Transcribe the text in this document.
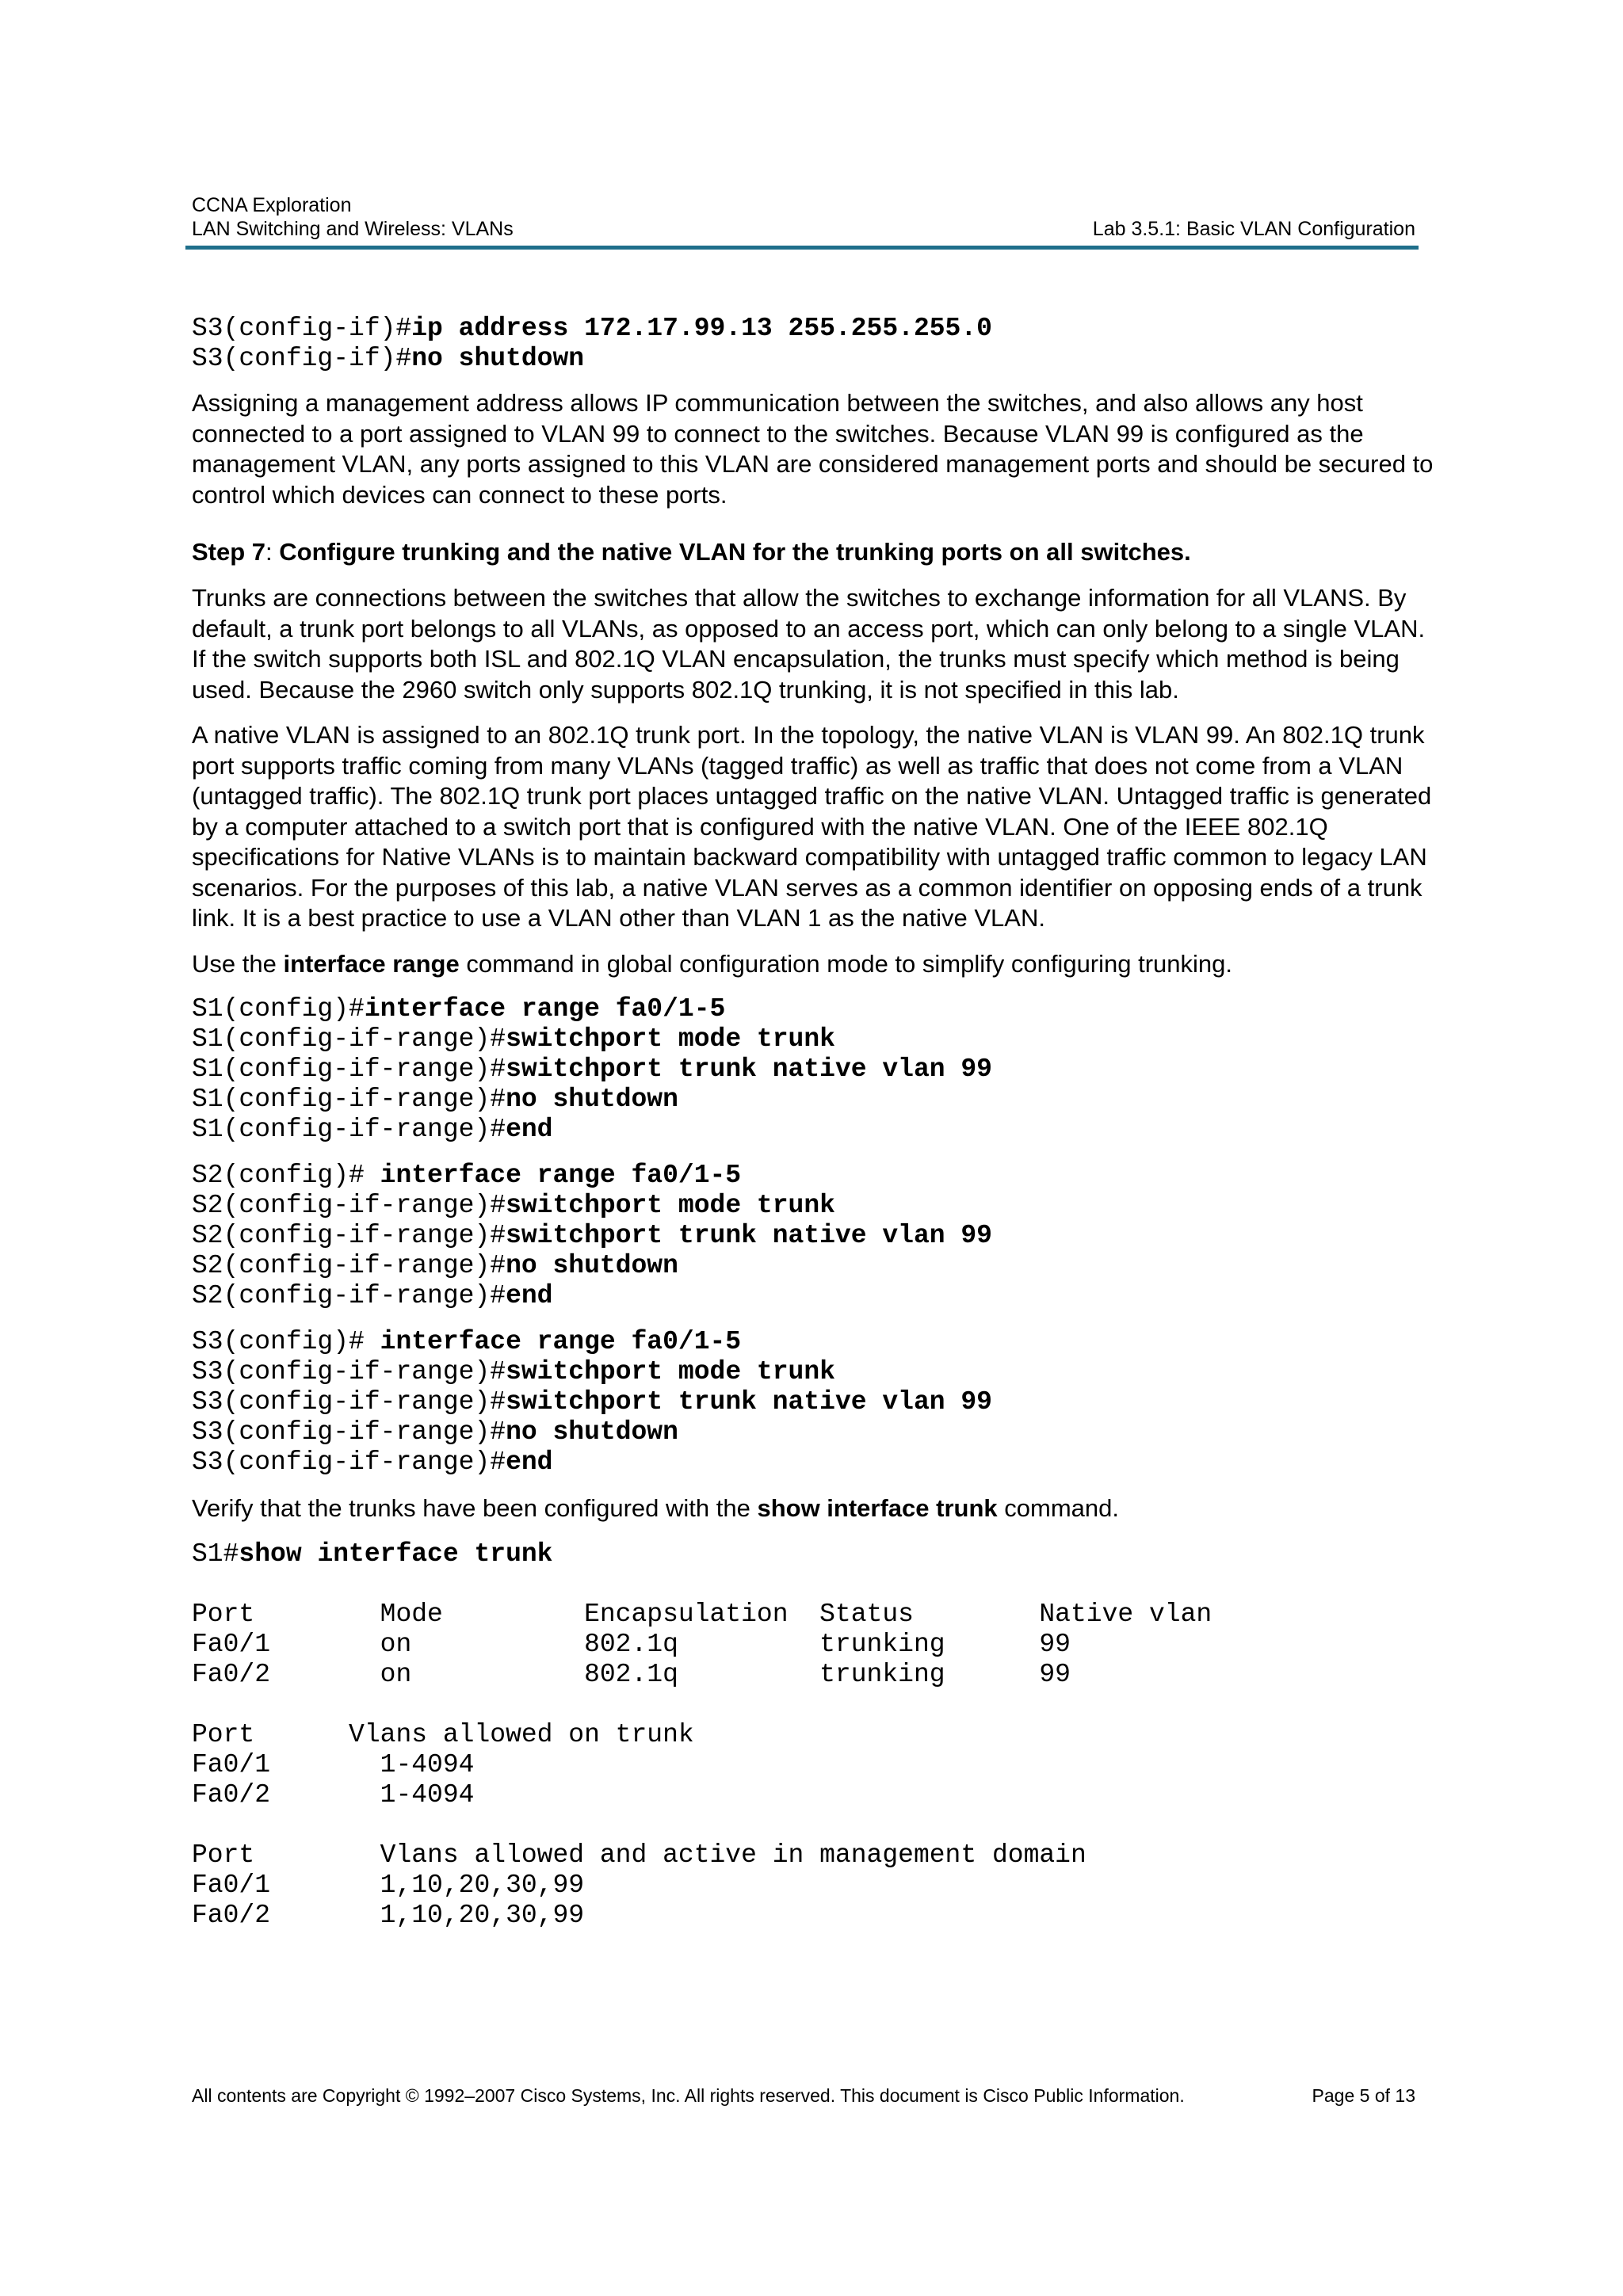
CCNA Exploration
LAN Switching and Wireless: VLANs	Lab 3.5.1: Basic VLAN Configuration
S3(config-if)#ip address 172.17.99.13 255.255.255.0
S3(config-if)#no shutdown

Assigning a management address allows IP communication between the switches, and also allows any host connected to a port assigned to VLAN 99 to connect to the switches. Because VLAN 99 is configured as the management VLAN, any ports assigned to this VLAN are considered management ports and should be secured to control which devices can connect to these ports.

Step 7: Configure trunking and the native VLAN for the trunking ports on all switches.

Trunks are connections between the switches that allow the switches to exchange information for all VLANS. By default, a trunk port belongs to all VLANs, as opposed to an access port, which can only belong to a single VLAN. If the switch supports both ISL and 802.1Q VLAN encapsulation, the trunks must specify which method is being used. Because the 2960 switch only supports 802.1Q trunking, it is not specified in this lab.

A native VLAN is assigned to an 802.1Q trunk port. In the topology, the native VLAN is VLAN 99. An 802.1Q trunk port supports traffic coming from many VLANs (tagged traffic) as well as traffic that does not come from a VLAN (untagged traffic). The 802.1Q trunk port places untagged traffic on the native VLAN. Untagged traffic is generated by a computer attached to a switch port that is configured with the native VLAN. One of the IEEE 802.1Q specifications for Native VLANs is to maintain backward compatibility with untagged traffic common to legacy LAN scenarios. For the purposes of this lab, a native VLAN serves as a common identifier on opposing ends of a trunk link. It is a best practice to use a VLAN other than VLAN 1 as the native VLAN.

Use the interface range command in global configuration mode to simplify configuring trunking.

S1(config)#interface range fa0/1-5
S1(config-if-range)#switchport mode trunk
S1(config-if-range)#switchport trunk native vlan 99
S1(config-if-range)#no shutdown
S1(config-if-range)#end
S2(config)# interface range fa0/1-5
S2(config-if-range)#switchport mode trunk
S2(config-if-range)#switchport trunk native vlan 99
S2(config-if-range)#no shutdown
S2(config-if-range)#end
S3(config)# interface range fa0/1-5
S3(config-if-range)#switchport mode trunk
S3(config-if-range)#switchport trunk native vlan 99
S3(config-if-range)#no shutdown
S3(config-if-range)#end

Verify that the trunks have been configured with the show interface trunk command.

S1#show interface trunk
Port        Mode         Encapsulation  Status        Native vlan
Fa0/1       on           802.1q         trunking      99
Fa0/2       on           802.1q         trunking      99

Port      Vlans allowed on trunk
Fa0/1       1-4094
Fa0/2       1-4094

Port        Vlans allowed and active in management domain
Fa0/1       1,10,20,30,99
Fa0/2       1,10,20,30,99
All contents are Copyright © 1992–2007 Cisco Systems, Inc. All rights reserved. This document is Cisco Public Information.	Page 5 of 13
